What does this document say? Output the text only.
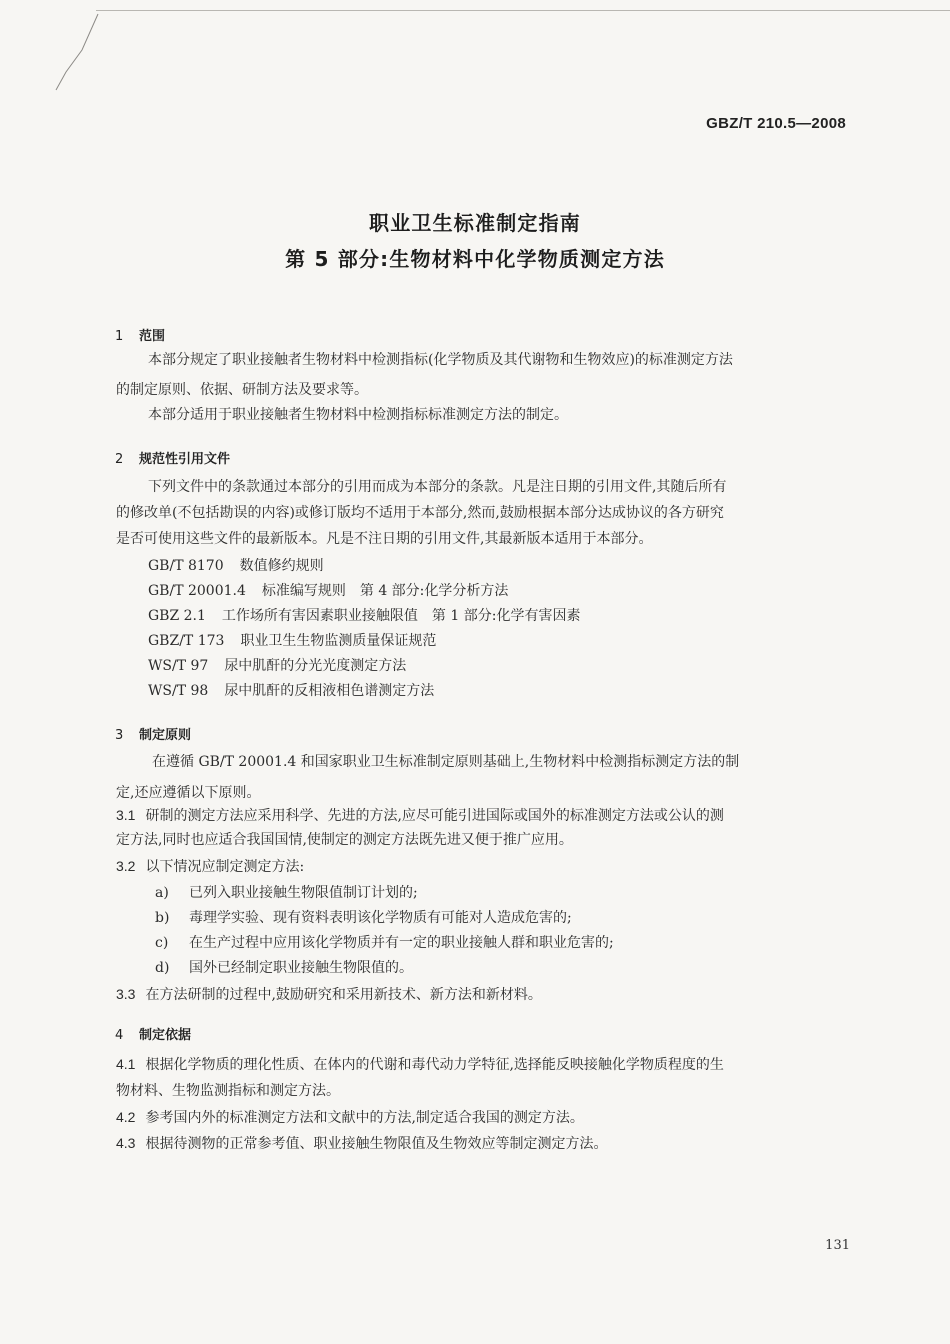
GBZ/T 210.5—2008
职业卫生标准制定指南
第 5 部分:生物材料中化学物质测定方法
1 范围
本部分规定了职业接触者生物材料中检测指标(化学物质及其代谢物和生物效应)的标准测定方法
的制定原则、依据、研制方法及要求等。
本部分适用于职业接触者生物材料中检测指标标准测定方法的制定。
2 规范性引用文件
下列文件中的条款通过本部分的引用而成为本部分的条款。凡是注日期的引用文件,其随后所有
的修改单(不包括勘误的内容)或修订版均不适用于本部分,然而,鼓励根据本部分达成协议的各方研究
是否可使用这些文件的最新版本。凡是不注日期的引用文件,其最新版本适用于本部分。
GB/T 8170 数值修约规则
GB/T 20001.4 标准编写规则　第 4 部分:化学分析方法
GBZ 2.1 工作场所有害因素职业接触限值　第 1 部分:化学有害因素
GBZ/T 173 职业卫生生物监测质量保证规范
WS/T 97 尿中肌酐的分光光度测定方法
WS/T 98 尿中肌酐的反相液相色谱测定方法
3 制定原则
在遵循 GB/T 20001.4 和国家职业卫生标准制定原则基础上,生物材料中检测指标测定方法的制
定,还应遵循以下原则。
3.1 研制的测定方法应采用科学、先进的方法,应尽可能引进国际或国外的标准测定方法或公认的测
定方法,同时也应适合我国国情,使制定的测定方法既先进又便于推广应用。
3.2 以下情况应制定测定方法:
a) 已列入职业接触生物限值制订计划的;
b) 毒理学实验、现有资料表明该化学物质有可能对人造成危害的;
c) 在生产过程中应用该化学物质并有一定的职业接触人群和职业危害的;
d) 国外已经制定职业接触生物限值的。
3.3 在方法研制的过程中,鼓励研究和采用新技术、新方法和新材料。
4 制定依据
4.1 根据化学物质的理化性质、在体内的代谢和毒代动力学特征,选择能反映接触化学物质程度的生
物材料、生物监测指标和测定方法。
4.2 参考国内外的标准测定方法和文献中的方法,制定适合我国的测定方法。
4.3 根据待测物的正常参考值、职业接触生物限值及生物效应等制定测定方法。
131
